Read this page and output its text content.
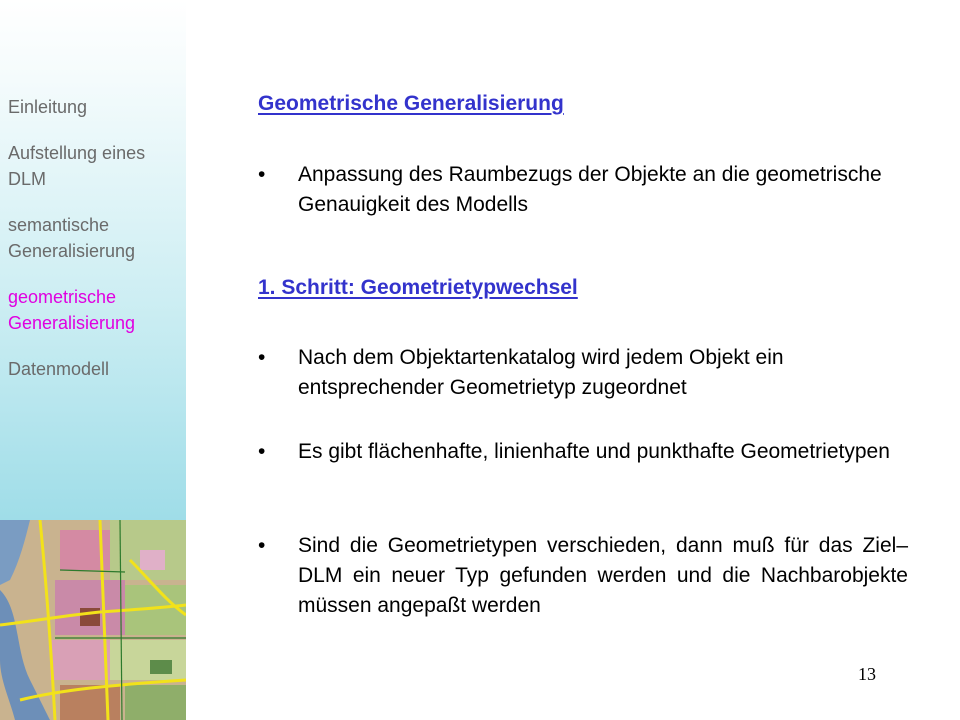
Einleitung
Aufstellung eines DLM
semantische Generalisierung
geometrische Generalisierung
Datenmodell
Geometrische Generalisierung
• Anpassung des Raumbezugs der Objekte an die geometrische Genauigkeit des Modells
1. Schritt: Geometrietypwechsel
• Nach dem Objektartenkatalog wird jedem Objekt ein entsprechender Geometrietyp zugeordnet
• Es gibt flächenhafte, linienhafte und punkthafte Geometrietypen
• Sind die Geometrietypen verschieden, dann muß für das Ziel–DLM ein neuer Typ gefunden werden und die Nachbarobjekte müssen angepaßt werden
13
